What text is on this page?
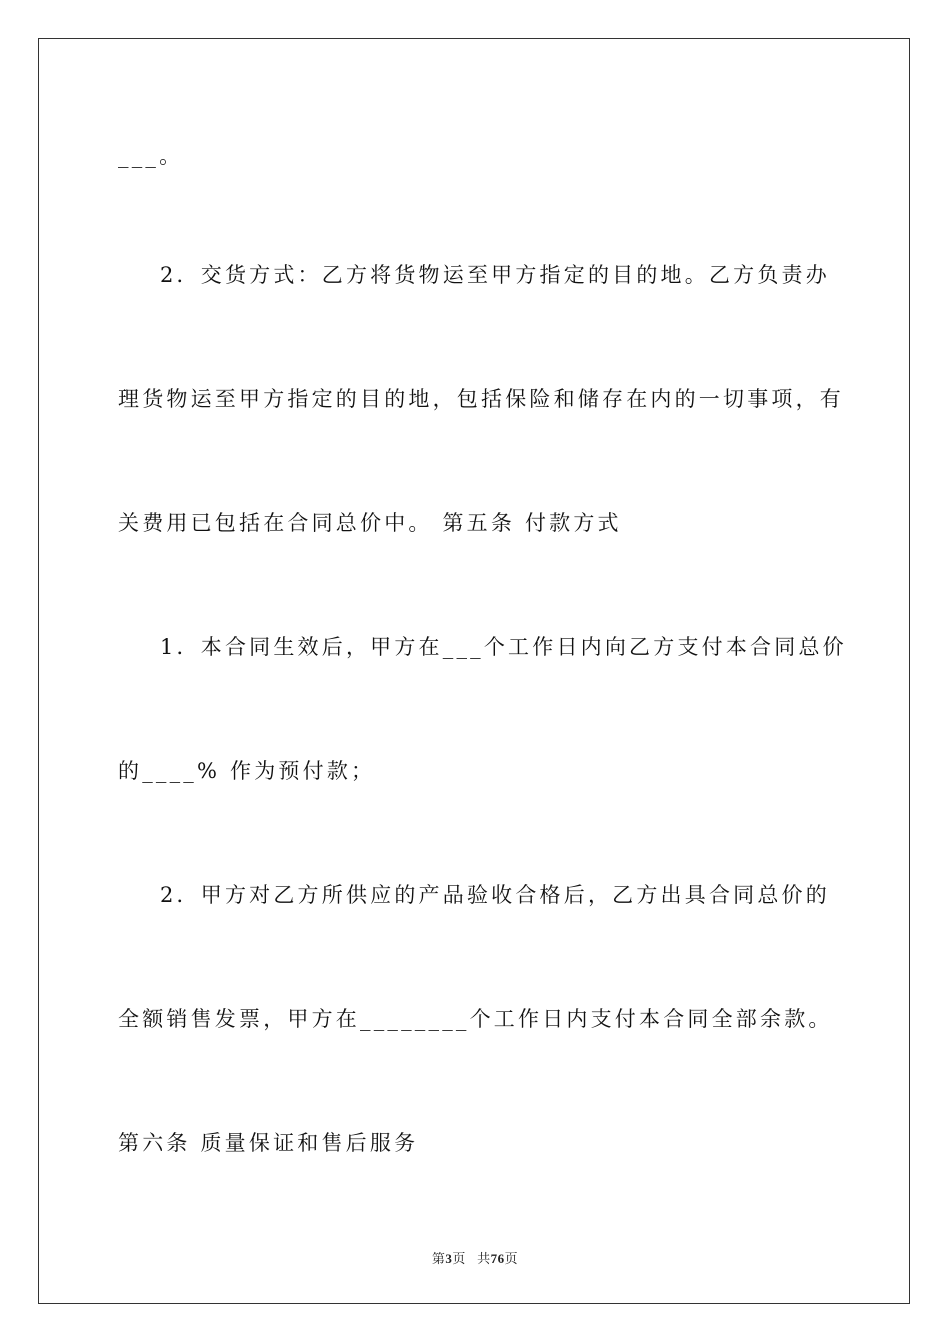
___。
2．交货方式：乙方将货物运至甲方指定的目的地。乙方负责办
理货物运至甲方指定的目的地，包括保险和储存在内的一切事项，有
关费用已包括在合同总价中。 第五条 付款方式
1．本合同生效后，甲方在___个工作日内向乙方支付本合同总价
的____% 作为预付款；
2．甲方对乙方所供应的产品验收合格后，乙方出具合同总价的
全额销售发票，甲方在________个工作日内支付本合同全部余款。
第六条 质量保证和售后服务
第3页 共76页
